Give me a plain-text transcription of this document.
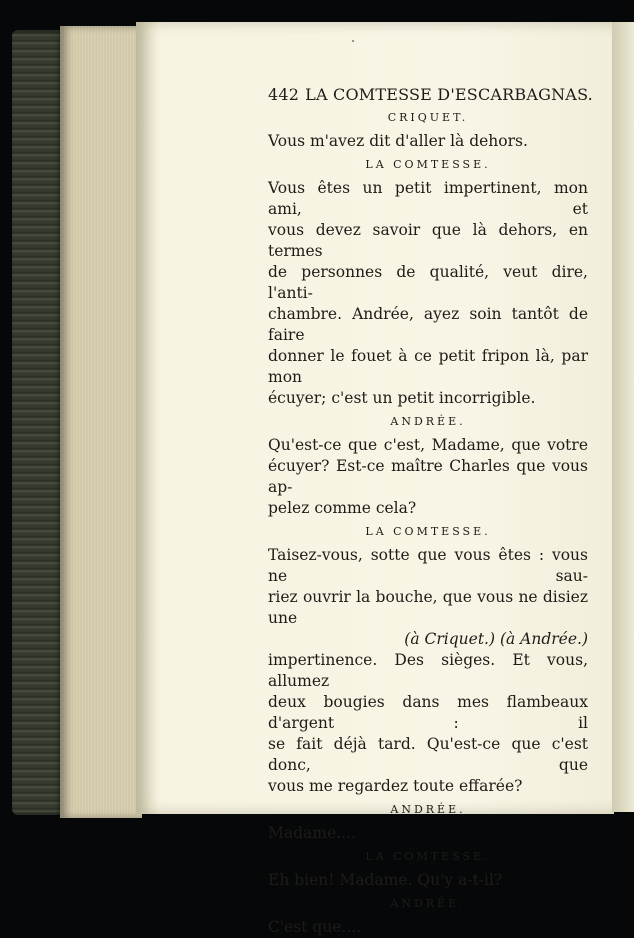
442 LA COMTESSE D'ESCARBAGNAS.
CRIQUET.
Vous m'avez dit d'aller là dehors.
LA COMTESSE.
Vous êtes un petit impertinent, mon ami, et
vous devez savoir que là dehors, en termes
de personnes de qualité, veut dire, l'anti-
chambre. Andrée, ayez soin tantôt de faire
donner le fouet à ce petit fripon là, par mon
écuyer; c'est un petit incorrigible.
ANDRÉE.
Qu'est-ce que c'est, Madame, que votre
écuyer? Est-ce maître Charles que vous ap-
pelez comme cela?
LA COMTESSE.
Taisez-vous, sotte que vous êtes : vous ne sau-
riez ouvrir la bouche, que vous ne disiez une
(à Criquet.) (à Andrée.)
impertinence. Des sièges. Et vous, allumez
deux bougies dans mes flambeaux d'argent : il
se fait déjà tard. Qu'est-ce que c'est donc, que
vous me regardez toute effarée?
ANDRÉE.
Madame....
LA COMTESSE.
Eh bien! Madame. Qu'y a-t-il?
ANDRÉE.
C'est que....
